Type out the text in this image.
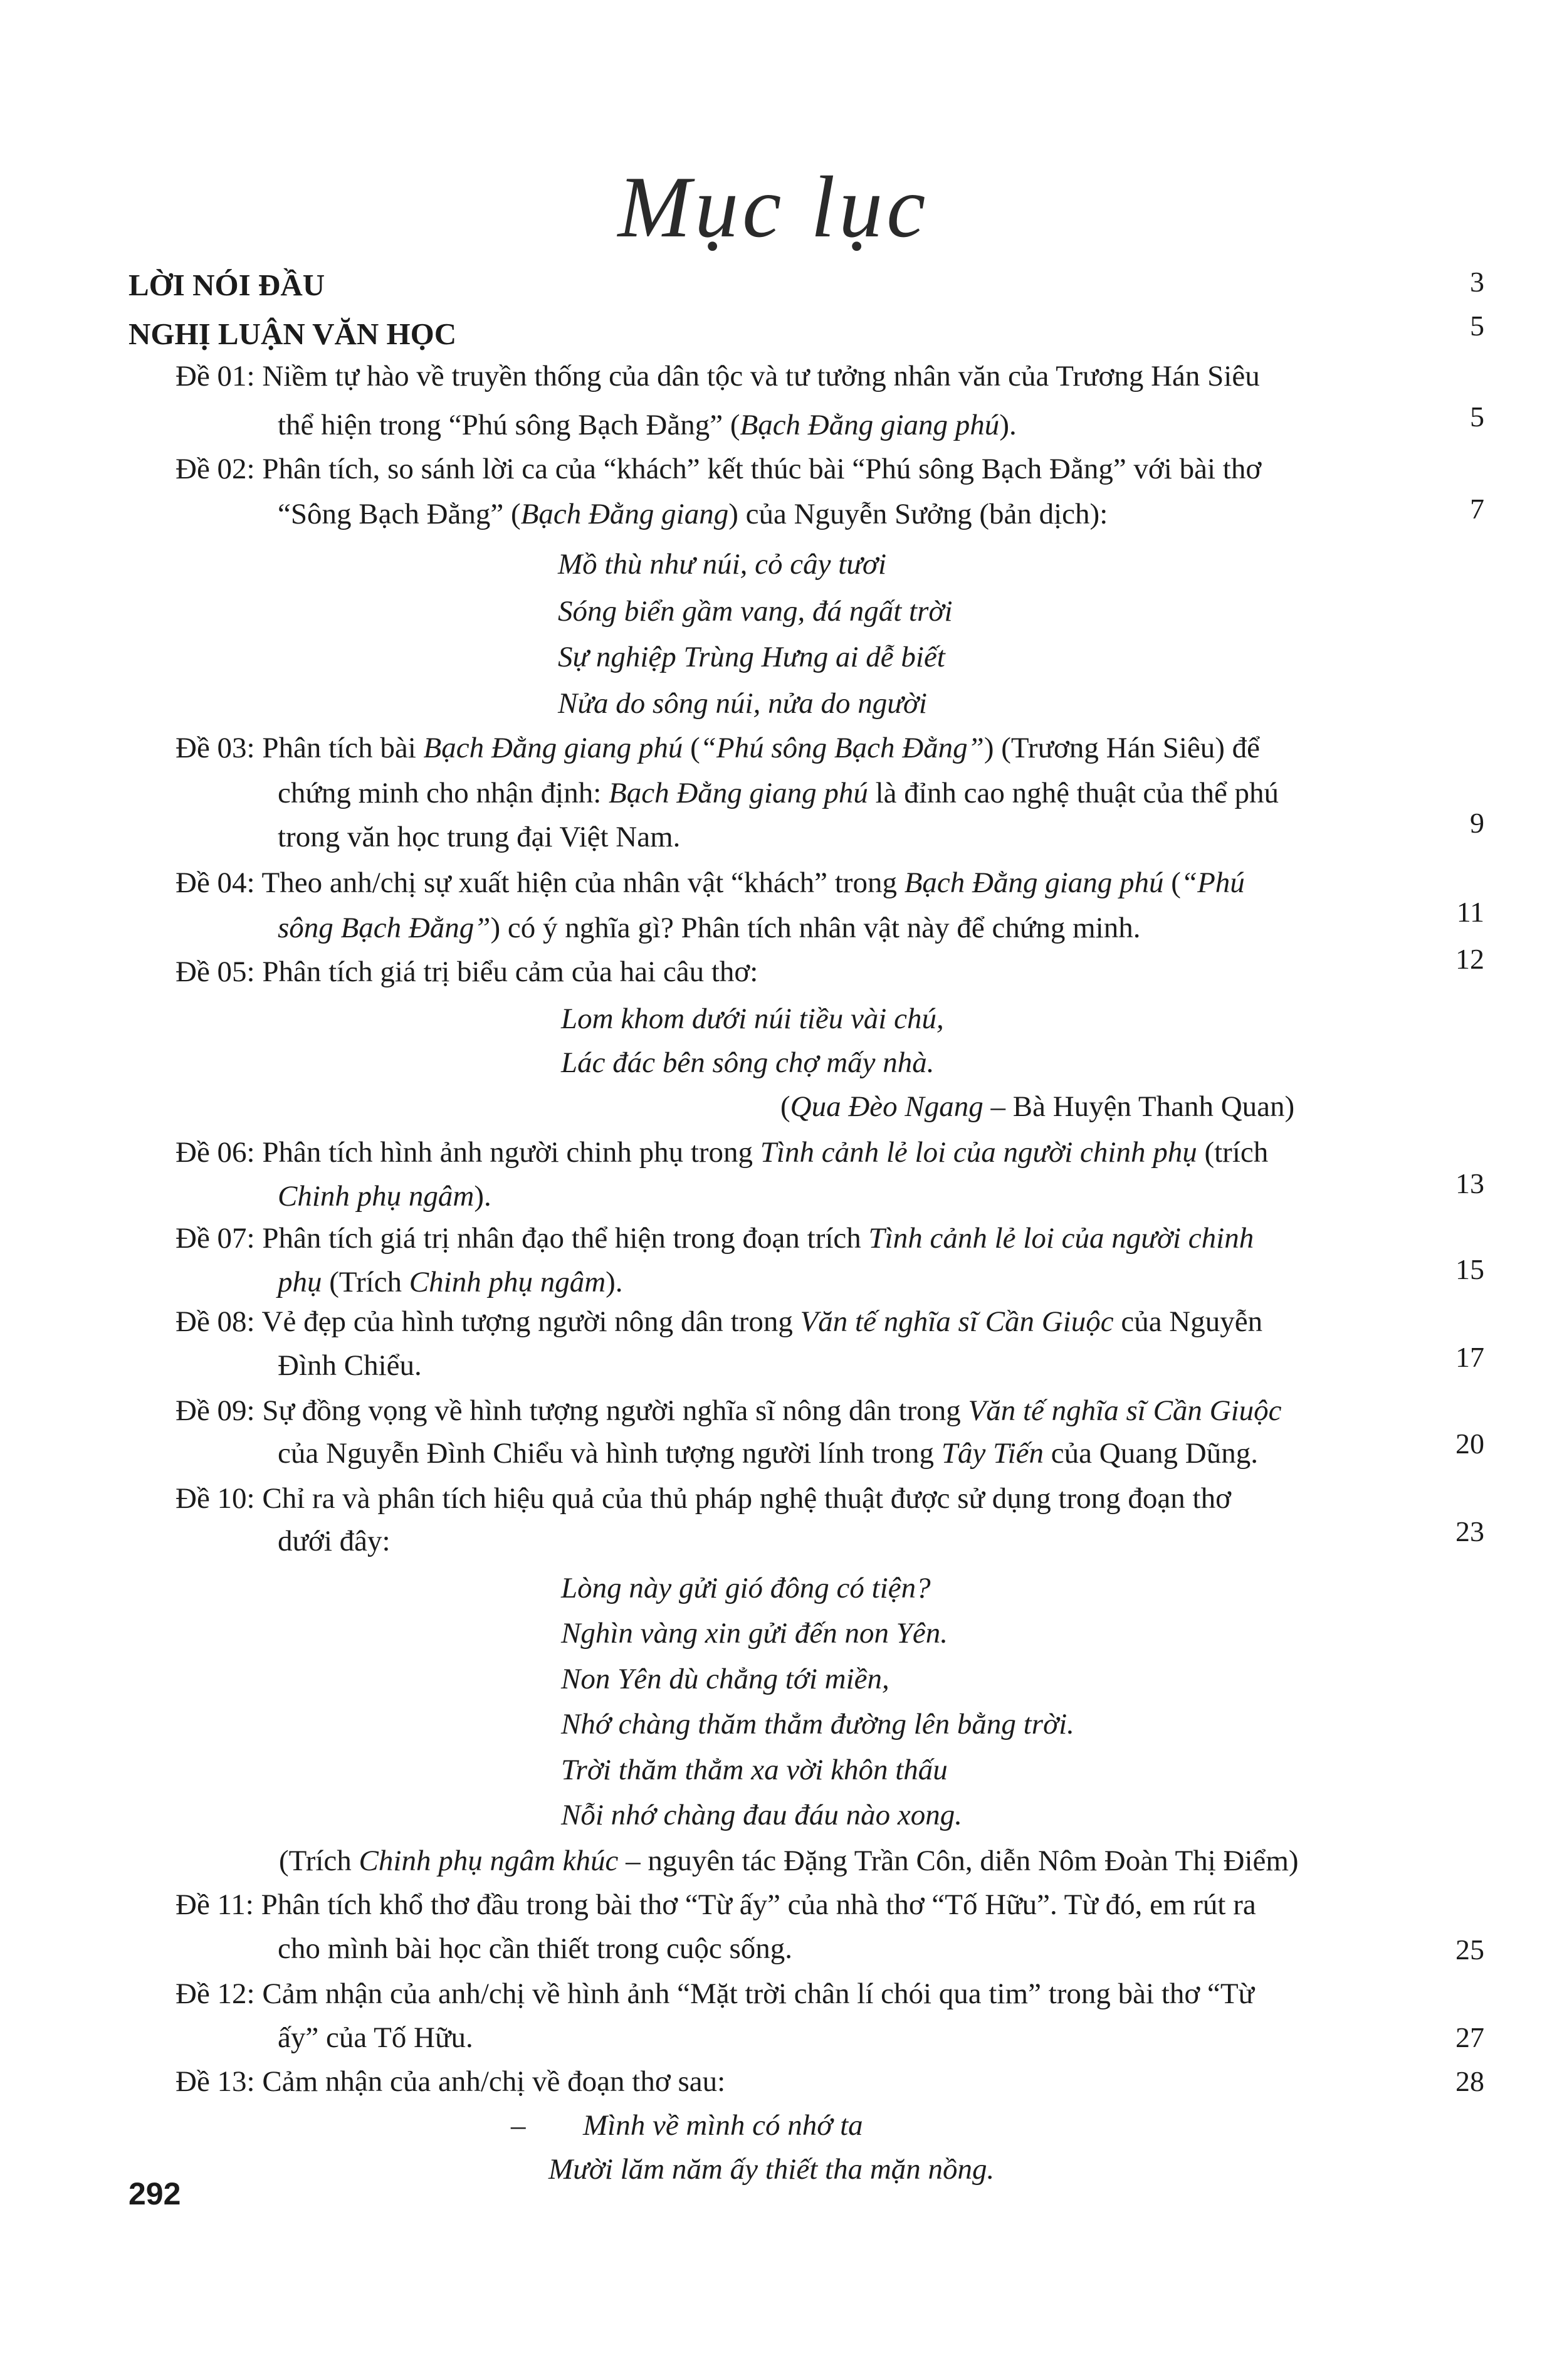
Mục lục
LỜI NÓI ĐẦU	3
NGHỊ LUẬN VĂN HỌC	5
Đề 01: Niềm tự hào về truyền thống của dân tộc và tư tưởng nhân văn của Trương Hán Siêu
thể hiện trong “Phú sông Bạch Đằng” (Bạch Đằng giang phú).	5
Đề 02: Phân tích, so sánh lời ca của “khách” kết thúc bài “Phú sông Bạch Đằng” với bài thơ
“Sông Bạch Đằng” (Bạch Đằng giang) của Nguyễn Sưởng (bản dịch):	7
Mồ thù như núi, cỏ cây tươi
Sóng biển gầm vang, đá ngất trời
Sự nghiệp Trùng Hưng ai dễ biết
Nửa do sông núi, nửa do người
Đề 03: Phân tích bài Bạch Đằng giang phú (“Phú sông Bạch Đằng”) (Trương Hán Siêu) để
chứng minh cho nhận định: Bạch Đằng giang phú là đỉnh cao nghệ thuật của thể phú
trong văn học trung đại Việt Nam.	9
Đề 04: Theo anh/chị sự xuất hiện của nhân vật “khách” trong Bạch Đằng giang phú (“Phú
sông Bạch Đằng”) có ý nghĩa gì? Phân tích nhân vật này để chứng minh.	11
Đề 05: Phân tích giá trị biểu cảm của hai câu thơ:	12
Lom khom dưới núi tiều vài chú,
Lác đác bên sông chợ mấy nhà.
(Qua Đèo Ngang – Bà Huyện Thanh Quan)
Đề 06: Phân tích hình ảnh người chinh phụ trong Tình cảnh lẻ loi của người chinh phụ (trích
Chinh phụ ngâm).	13
Đề 07: Phân tích giá trị nhân đạo thể hiện trong đoạn trích Tình cảnh lẻ loi của người chinh
phụ (Trích Chinh phụ ngâm).	15
Đề 08: Vẻ đẹp của hình tượng người nông dân trong Văn tế nghĩa sĩ Cần Giuộc của Nguyễn
Đình Chiểu.	17
Đề 09: Sự đồng vọng về hình tượng người nghĩa sĩ nông dân trong Văn tế nghĩa sĩ Cần Giuộc
của Nguyễn Đình Chiểu và hình tượng người lính trong Tây Tiến của Quang Dũng.	20
Đề 10: Chỉ ra và phân tích hiệu quả của thủ pháp nghệ thuật được sử dụng trong đoạn thơ
dưới đây:	23
Lòng này gửi gió đông có tiện?
Nghìn vàng xin gửi đến non Yên.
Non Yên dù chẳng tới miền,
Nhớ chàng thăm thẳm đường lên bằng trời.
Trời thăm thẳm xa vời khôn thấu
Nỗi nhớ chàng đau đáu nào xong.
(Trích Chinh phụ ngâm khúc – nguyên tác Đặng Trần Côn, diễn Nôm Đoàn Thị Điểm)
Đề 11: Phân tích khổ thơ đầu trong bài thơ “Từ ấy” của nhà thơ “Tố Hữu”. Từ đó, em rút ra
cho mình bài học cần thiết trong cuộc sống.	25
Đề 12: Cảm nhận của anh/chị về hình ảnh “Mặt trời chân lí chói qua tim” trong bài thơ “Từ
ấy” của Tố Hữu.	27
Đề 13: Cảm nhận của anh/chị về đoạn thơ sau:	28
– Mình về mình có nhớ ta
Mười lăm năm ấy thiết tha mặn nồng.
292
